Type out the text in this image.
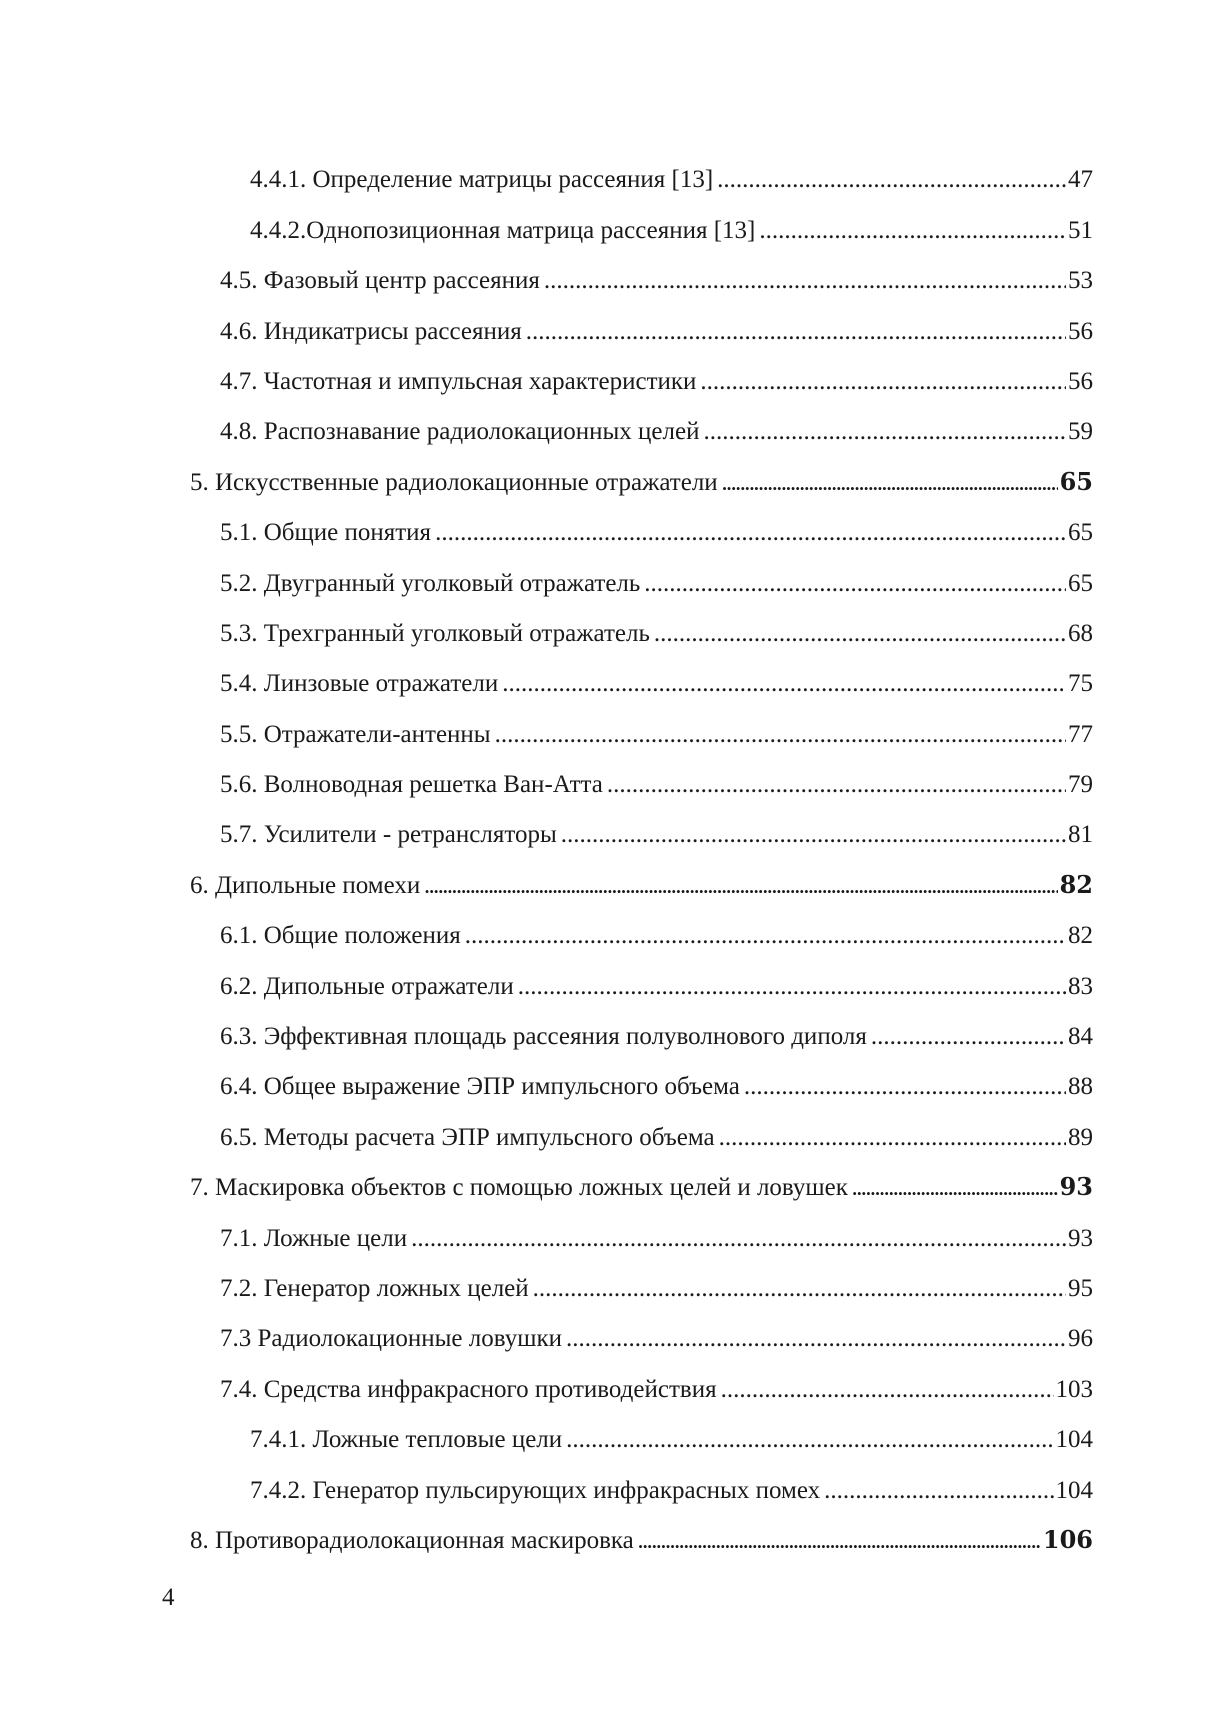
4.4.1. Определение матрицы рассеяния [13] .....	47
4.4.2. Однопозиционная матрица рассеяния [13] .....	51
4.5. Фазовый центр рассеяния .....	53
4.6. Индикатрисы рассеяния .....	56
4.7. Частотная и импульсная характеристики .....	56
4.8. Распознавание радиолокационных целей .....	59
5. Искусственные радиолокационные отражатели .....	65
5.1. Общие понятия .....	65
5.2. Двугранный уголковый отражатель .....	65
5.3. Трехгранный уголковый отражатель .....	68
5.4. Линзовые отражатели .....	75
5.5. Отражатели-антенны .....	77
5.6. Волноводная решетка Ван-Атта .....	79
5.7. Усилители - ретрансляторы .....	81
6. Дипольные помехи .....	82
6.1. Общие положения .....	82
6.2. Дипольные отражатели .....	83
6.3. Эффективная площадь рассеяния полуволнового диполя .....	84
6.4. Общее выражение ЭПР импульсного объема .....	88
6.5. Методы расчета ЭПР импульсного объема .....	89
7. Маскировка объектов с помощью ложных целей и ловушек .....	93
7.1. Ложные цели .....	93
7.2. Генератор ложных целей .....	95
7.3 Радиолокационные ловушки .....	96
7.4. Средства инфракрасного противодействия .....	103
7.4.1. Ложные тепловые цели .....	104
7.4.2. Генератор пульсирующих инфракрасных помех .....	104
8. Противорадиолокационная маскировка .....	106
4
